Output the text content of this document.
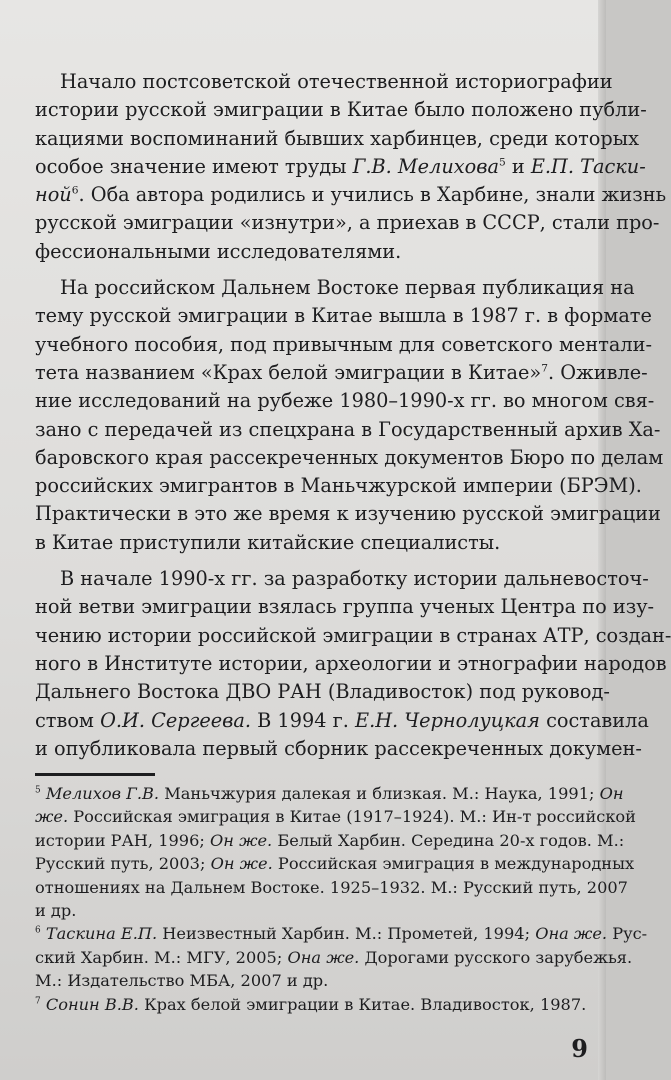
Начало постсоветской отечественной историографии
истории русской эмиграции в Китае было положено публи-
кациями воспоминаний бывших харбинцев, среди которых
особое значение имеют труды Г.В. Мелихова$^5$ и Е.П. Таски-
ной$^6$. Оба автора родились и учились в Харбине, знали жизнь
русской эмиграции «изнутри», а приехав в СССР, стали про-
фессиональными исследователями.
На российском Дальнем Востоке первая публикация на
тему русской эмиграции в Китае вышла в 1987 г. в формате
учебного пособия, под привычным для советского ментали-
тета названием «Крах белой эмиграции в Китае»$^7$. Оживле-
ние исследований на рубеже 1980–1990-х гг. во многом свя-
зано с передачей из спецхрана в Государственный архив Ха-
баровского края рассекреченных документов Бюро по делам
российских эмигрантов в Маньчжурской империи (БРЭМ).
Практически в это же время к изучению русской эмиграции
в Китае приступили китайские специалисты.
В начале 1990-х гг. за разработку истории дальневосточ-
ной ветви эмиграции взялась группа ученых Центра по изу-
чению истории российской эмиграции в странах АТР, создан-
ного в Институте истории, археологии и этнографии народов
Дальнего Востока ДВО РАН (Владивосток) под руковод-
ством О.И. Сергеева. В 1994 г. Е.Н. Чернолуцкая составила
и опубликовала первый сборник рассекреченных докумен-
$^5$ Мелихов Г.В. Маньчжурия далекая и близкая. М.: Наука, 1991; Он
же. Российская эмиграция в Китае (1917–1924). М.: Ин-т российской
истории РАН, 1996; Он же. Белый Харбин. Середина 20-х годов. М.:
Русский путь, 2003; Он же. Российская эмиграция в международных
отношениях на Дальнем Востоке. 1925–1932. М.: Русский путь, 2007
и др.
$^6$ Таскина Е.П. Неизвестный Харбин. М.: Прометей, 1994; Она же. Рус-
ский Харбин. М.: МГУ, 2005; Она же. Дорогами русского зарубежья.
М.: Издательство МБА, 2007 и др.
$^7$ Сонин В.В. Крах белой эмиграции в Китае. Владивосток, 1987.
9
